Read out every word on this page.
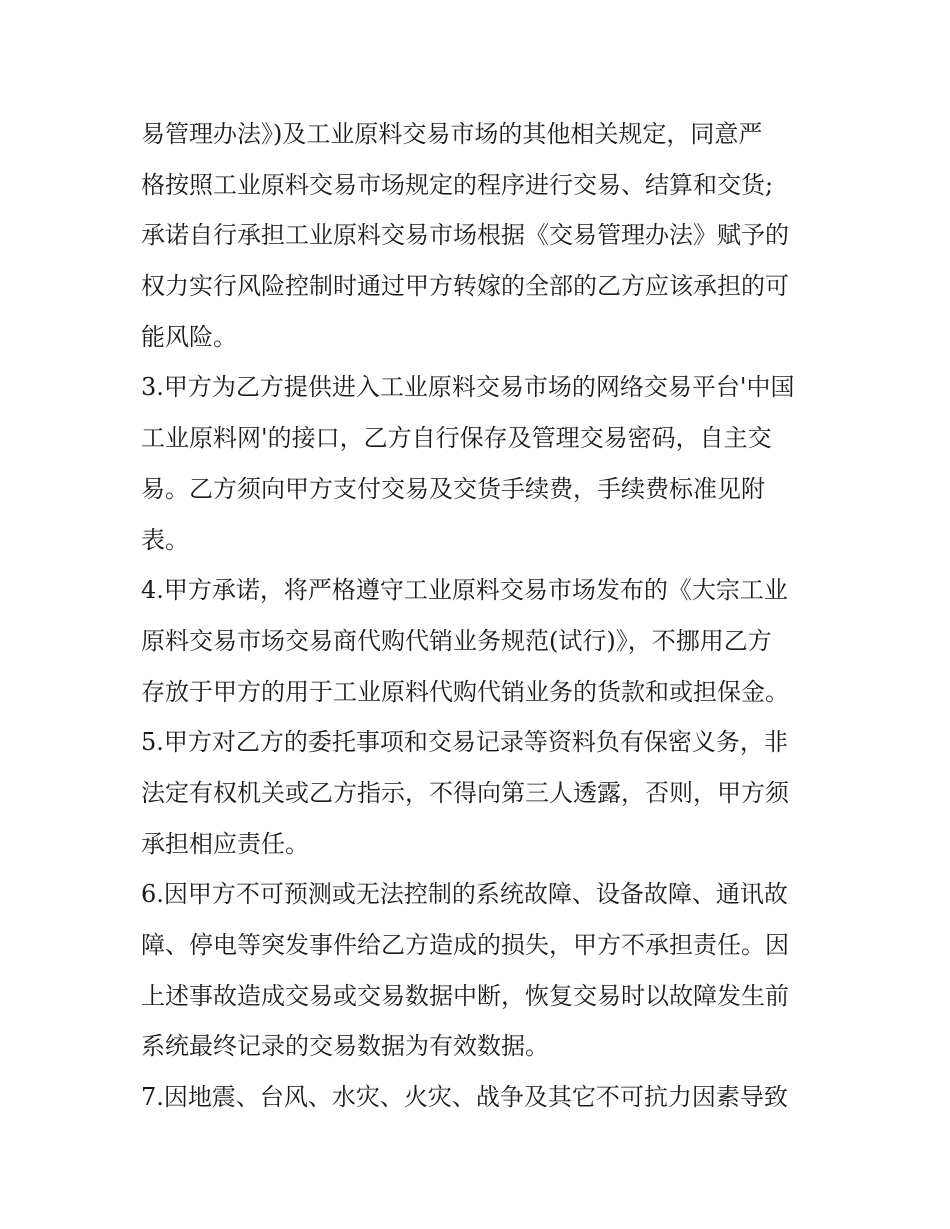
易管理办法》)及工业原料交易市场的其他相关规定，同意严
格按照工业原料交易市场规定的程序进行交易、结算和交货;
承诺自行承担工业原料交易市场根据《交易管理办法》赋予的
权力实行风险控制时通过甲方转嫁的全部的乙方应该承担的可
能风险。
3.甲方为乙方提供进入工业原料交易市场的网络交易平台'中国
工业原料网'的接口，乙方自行保存及管理交易密码，自主交
易。乙方须向甲方支付交易及交货手续费，手续费标准见附
表。
4.甲方承诺，将严格遵守工业原料交易市场发布的《大宗工业
原料交易市场交易商代购代销业务规范(试行)》，不挪用乙方
存放于甲方的用于工业原料代购代销业务的货款和或担保金。
5.甲方对乙方的委托事项和交易记录等资料负有保密义务，非
法定有权机关或乙方指示，不得向第三人透露，否则，甲方须
承担相应责任。
6.因甲方不可预测或无法控制的系统故障、设备故障、通讯故
障、停电等突发事件给乙方造成的损失，甲方不承担责任。因
上述事故造成交易或交易数据中断，恢复交易时以故障发生前
系统最终记录的交易数据为有效数据。
7.因地震、台风、水灾、火灾、战争及其它不可抗力因素导致
